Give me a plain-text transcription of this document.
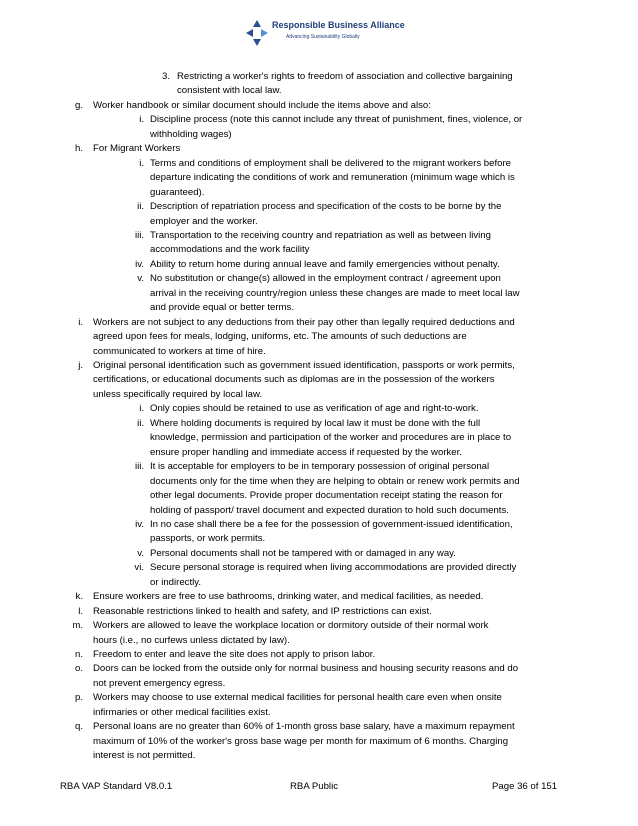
Responsible Business Alliance
Advancing Sustainability Globally
3. Restricting a worker's rights to freedom of association and collective bargaining
consistent with local law.
g. Worker handbook or similar document should include the items above and also:
i. Discipline process (note this cannot include any threat of punishment, fines, violence, or
withholding wages)
h. For Migrant Workers
i. Terms and conditions of employment shall be delivered to the migrant workers before
departure indicating the conditions of work and remuneration (minimum wage which is
guaranteed).
ii. Description of repatriation process and specification of the costs to be borne by the
employer and the worker.
iii. Transportation to the receiving country and repatriation as well as between living
accommodations and the work facility
iv. Ability to return home during annual leave and family emergencies without penalty.
v. No substitution or change(s) allowed in the employment contract / agreement upon
arrival in the receiving country/region unless these changes are made to meet local law
and provide equal or better terms.
i. Workers are not subject to any deductions from their pay other than legally required deductions and
agreed upon fees for meals, lodging, uniforms, etc. The amounts of such deductions are
communicated to workers at time of hire.
j. Original personal identification such as government issued identification, passports or work permits,
certifications, or educational documents such as diplomas are in the possession of the workers
unless specifically required by local law.
i. Only copies should be retained to use as verification of age and right-to-work.
ii. Where holding documents is required by local law it must be done with the full
knowledge, permission and participation of the worker and procedures are in place to
ensure proper handling and immediate access if requested by the worker.
iii. It is acceptable for employers to be in temporary possession of original personal
documents only for the time when they are helping to obtain or renew work permits and
other legal documents. Provide proper documentation receipt stating the reason for
holding of passport/ travel document and expected duration to hold such documents.
iv. In no case shall there be a fee for the possession of government-issued identification,
passports, or work permits.
v. Personal documents shall not be tampered with or damaged in any way.
vi. Secure personal storage is required when living accommodations are provided directly
or indirectly.
k. Ensure workers are free to use bathrooms, drinking water, and medical facilities, as needed.
l. Reasonable restrictions linked to health and safety, and IP restrictions can exist.
m. Workers are allowed to leave the workplace location or dormitory outside of their normal work
hours (i.e., no curfews unless dictated by law).
n. Freedom to enter and leave the site does not apply to prison labor.
o. Doors can be locked from the outside only for normal business and housing security reasons and do
not prevent emergency egress.
p. Workers may choose to use external medical facilities for personal health care even when onsite
infirmaries or other medical facilities exist.
q. Personal loans are no greater than 60% of 1-month gross base salary, have a maximum repayment
maximum of 10% of the worker's gross base wage per month for maximum of 6 months. Charging
interest is not permitted.
RBA VAP Standard V8.0.1	RBA Public	Page 36 of 151
